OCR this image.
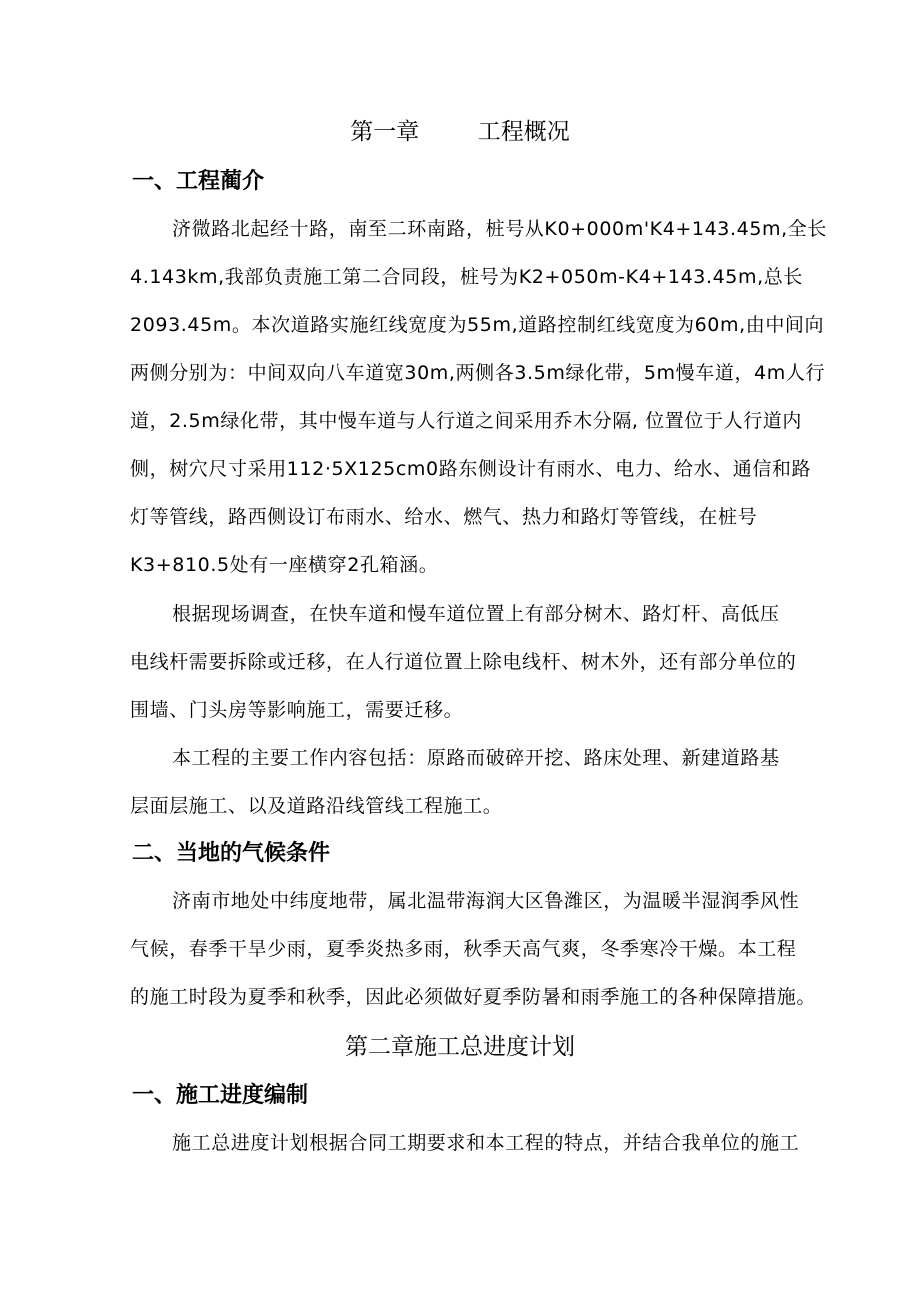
第一章        工程概况
一、工程蔺介
济微路北起经十路，南至二环南路，桩号从K0+000m'K4+143.45m,全长
4.143km,我部负责施工第二合同段，桩号为K2+050m-K4+143.45m,总长
2093.45m。本次道路实施红线宽度为55m,道路控制红线宽度为60m,由中间向
两侧分别为：中间双向八车道宽30m,两侧各3.5m绿化带，5m慢车道，4m人行
道，2.5m绿化带，其中慢车道与人行道之间采用乔木分隔, 位置位于人行道内
侧，树穴尺寸采用112·5X125cm0路东侧设计有雨水、电力、给水、通信和路
灯等管线，路西侧设订布雨水、给水、燃气、热力和路灯等管线，在桩号
K3+810.5处有一座横穿2孔箱涵。
根据现场调查，在快车道和慢车道位置上有部分树木、路灯杆、高低压
电线杆需要拆除或迁移，在人行道位置上除电线杆、树木外，还有部分单位的
围墙、门头房等影响施工，需要迁移。
本工程的主要工作内容包括：原路而破碎开挖、路床处理、新建道路基
层面层施工、以及道路沿线管线工程施工。
二、当地的气候条件
济南市地处中纬度地带，属北温带海润大区鲁潍区，为温暖半湿润季风性
气候，春季干旱少雨，夏季炎热多雨，秋季天高气爽，冬季寒冷干燥。本工程
的施工时段为夏季和秋季，因此必须做好夏季防暑和雨季施工的各种保障措施。
第二章施工总进度计划
一、施工进度编制
施工总进度计划根据合同工期要求和本工程的特点，并结合我单位的施工
